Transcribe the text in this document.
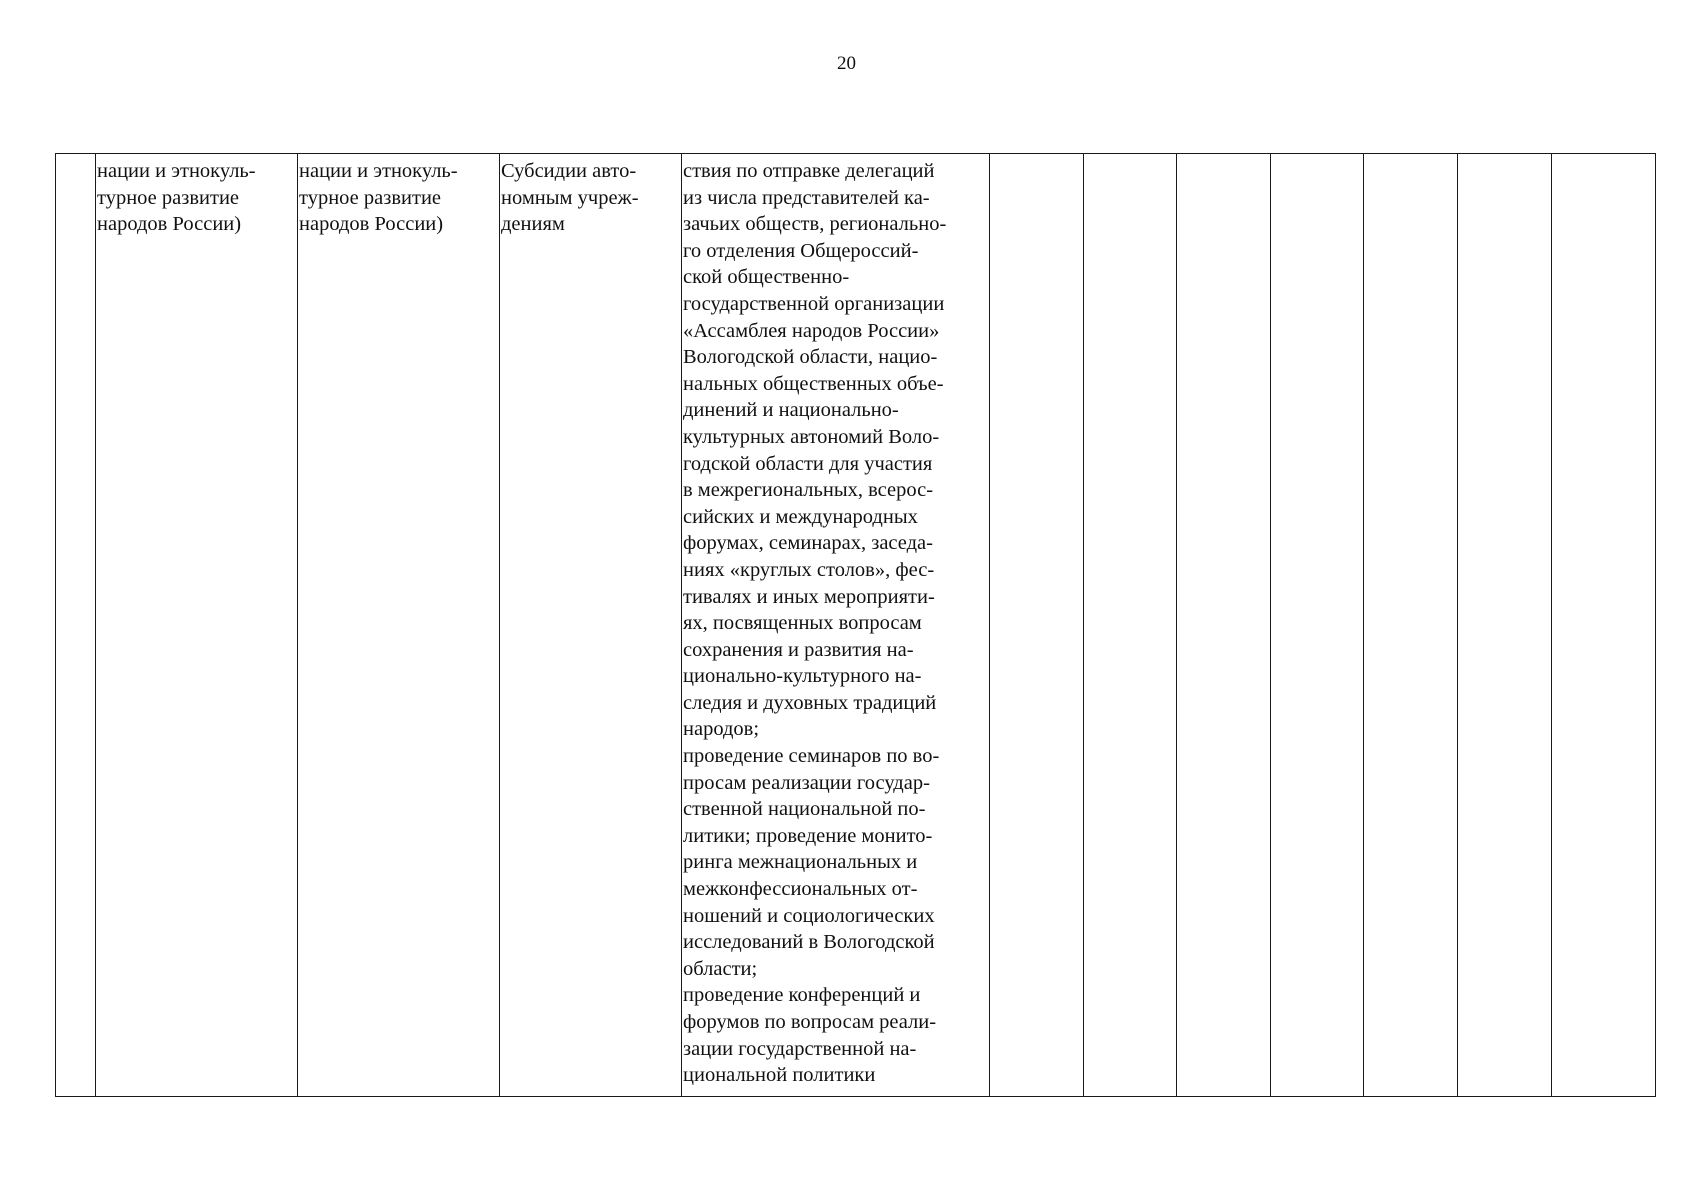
20

нации и этнокуль-
турное развитие
народов России)

нации и этнокуль-
турное развитие
народов России)

Субсидии авто-
номным учреж-
дениям

ствия по отправке делегаций
из числа представителей ка-
зачьих обществ, регионально-
го отделения Общероссий-
ской общественно-
государственной организации
«Ассамблея народов России»
Вологодской области, нацио-
нальных общественных объе-
динений и национально-
культурных автономий Воло-
годской области для участия
в межрегиональных, всерос-
сийских и международных
форумах, семинарах, заседа-
ниях «круглых столов», фес-
тивалях и иных мероприяти-
ях, посвященных вопросам
сохранения и развития на-
ционально-культурного на-
следия и духовных традиций
народов;
проведение семинаров по во-
просам реализации государ-
ственной национальной по-
литики; проведение монито-
ринга межнациональных и
межконфессиональных от-
ношений и социологических
исследований в Вологодской
области;
проведение конференций и
форумов по вопросам реали-
зации государственной на-
циональной политики
